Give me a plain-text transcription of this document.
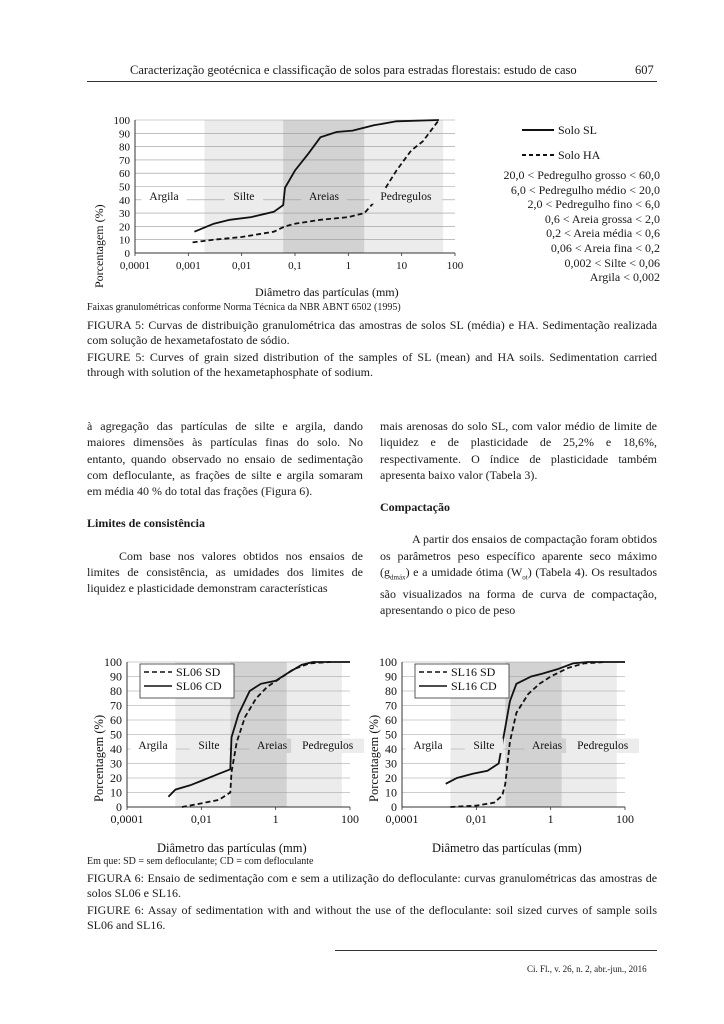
Caracterização geotécnica e classificação de solos para estradas florestais: estudo de caso	607
0
10
20
30
40
50
60
70
80
90
100
0,0001 0,001	0,01	0,1	1	10	100
Argila	Silte	Areias	Pedregulos
Porcentagem (%)
Diâmetro das partículas (mm)
Solo SL
Solo HA
20,0 < Pedregulho grosso < 60,0
6,0 < Pedregulho médio < 20,0
2,0 < Pedregulho fino < 6,0
0,6 < Areia grossa < 2,0
0,2 < Areia média < 0,6
0,06 < Areia fina < 0,2
0,002 < Silte < 0,06
Argila < 0,002
Faixas granulométricas conforme Norma Técnica da NBR ABNT 6502 (1995)
FIGURA 5: Curvas de distribuição granulométrica das amostras de solos SL (média) e HA. Sedimentação realizada com solução de hexametafostato de sódio.
FIGURE 5: Curves of grain sized distribution of the samples of SL (mean) and HA soils. Sedimentation carried through with solution of the hexametaphosphate of sodium.

à agregação das partículas de silte e argila, dando maiores dimensões às partículas finas do solo. No entanto, quando observado no ensaio de sedimentação com defloculante, as frações de silte e argila somaram em média 40 % do total das frações (Figura 6).

Limites de consistência

Com base nos valores obtidos nos ensaios de limites de consistência, as umidades dos limites de liquidez e plasticidade demonstram características

mais arenosas do solo SL, com valor médio de limite de liquidez e de plasticidade de 25,2% e 18,6%, respectivamente. O índice de plasticidade também apresenta baixo valor (Tabela 3).

Compactação

A partir dos ensaios de compactação foram obtidos os parâmetros peso específico aparente seco máximo $(g_{dmáx})$ e a umidade ótima $(W_{ot})$ (Tabela 4). Os resultados são visualizados na forma de curva de compactação, apresentando o pico de peso

0
10
20
30
40
50
60
70
80
90
100
0,0001	0,01	1	100
Argila	Silte	Areias Pedregulos
SL06 SD
SL06 CD
Porcentagem (%)
Diâmetro das partículas (mm)
0
10
20
30
40
50
60
70
80
90
100
0,0001	0,01	1	100
Argila	Silte	Areias Pedregulos
SL16 SD
SL16 CD
Porcentagem (%)
Diâmetro das partículas (mm)
Em que: SD = sem defloculante; CD = com defloculante
FIGURA 6: Ensaio de sedimentação com e sem a utilização do defloculante: curvas granulométricas das amostras de solos SL06 e SL16.
FIGURE 6: Assay of sedimentation with and without the use of the defloculante: soil sized curves of sample soils SL06 and SL16.
Ci. Fl., v. 26, n. 2, abr.-jun., 2016
